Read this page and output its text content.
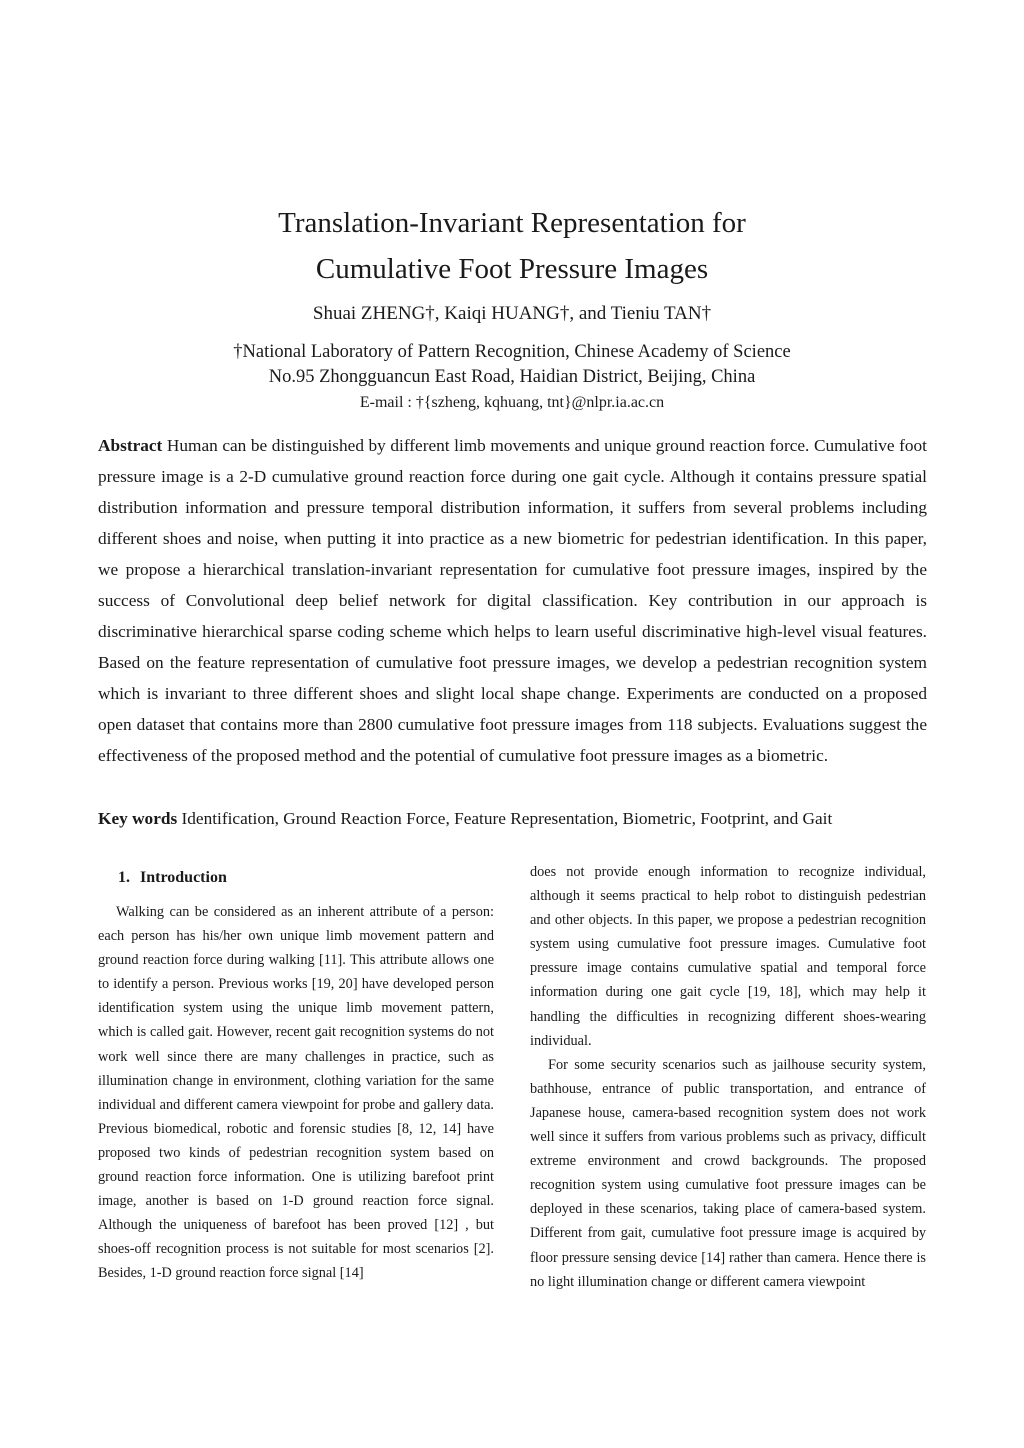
Translation-Invariant Representation for
Cumulative Foot Pressure Images
Shuai ZHENG†, Kaiqi HUANG†, and Tieniu TAN†
†National Laboratory of Pattern Recognition, Chinese Academy of Science
No.95 Zhongguancun East Road, Haidian District, Beijing, China
E-mail : †{szheng, kqhuang, tnt}@nlpr.ia.ac.cn
Abstract Human can be distinguished by different limb movements and unique ground reaction force. Cumulative foot pressure image is a 2-D cumulative ground reaction force during one gait cycle. Although it contains pressure spatial distribution information and pressure temporal distribution information, it suffers from several problems including different shoes and noise, when putting it into practice as a new biometric for pedestrian identification. In this paper, we propose a hierarchical translation-invariant representation for cumulative foot pressure images, inspired by the success of Convolutional deep belief network for digital classification. Key contribution in our approach is discriminative hierarchical sparse coding scheme which helps to learn useful discriminative high-level visual features. Based on the feature representation of cumulative foot pressure images, we develop a pedestrian recognition system which is invariant to three different shoes and slight local shape change. Experiments are conducted on a proposed open dataset that contains more than 2800 cumulative foot pressure images from 118 subjects. Evaluations suggest the effectiveness of the proposed method and the potential of cumulative foot pressure images as a biometric.
Key words Identification, Ground Reaction Force, Feature Representation, Biometric, Footprint, and Gait
1. Introduction

Walking can be considered as an inherent attribute of a person: each person has his/her own unique limb movement pattern and ground reaction force during walking [11]. This attribute allows one to identify a person. Previous works [19, 20] have developed person identification system using the unique limb movement pattern, which is called gait. However, recent gait recognition systems do not work well since there are many challenges in practice, such as illumination change in environment, clothing variation for the same individual and different camera viewpoint for probe and gallery data. Previous biomedical, robotic and forensic studies [8, 12, 14] have proposed two kinds of pedestrian recognition system based on ground reaction force information. One is utilizing barefoot print image, another is based on 1-D ground reaction force signal. Although the uniqueness of barefoot has been proved [12] , but shoes-off recognition process is not suitable for most scenarios [2]. Besides, 1-D ground reaction force signal [14]

does not provide enough information to recognize individual, although it seems practical to help robot to distinguish pedestrian and other objects. In this paper, we propose a pedestrian recognition system using cumulative foot pressure images. Cumulative foot pressure image contains cumulative spatial and temporal force information during one gait cycle [19, 18], which may help it handling the difficulties in recognizing different shoes-wearing individual.

For some security scenarios such as jailhouse security system, bathhouse, entrance of public transportation, and entrance of Japanese house, camera-based recognition system does not work well since it suffers from various problems such as privacy, difficult extreme environment and crowd backgrounds. The proposed recognition system using cumulative foot pressure images can be deployed in these scenarios, taking place of camera-based system. Different from gait, cumulative foot pressure image is acquired by floor pressure sensing device [14] rather than camera. Hence there is no light illumination change or different camera viewpoint
